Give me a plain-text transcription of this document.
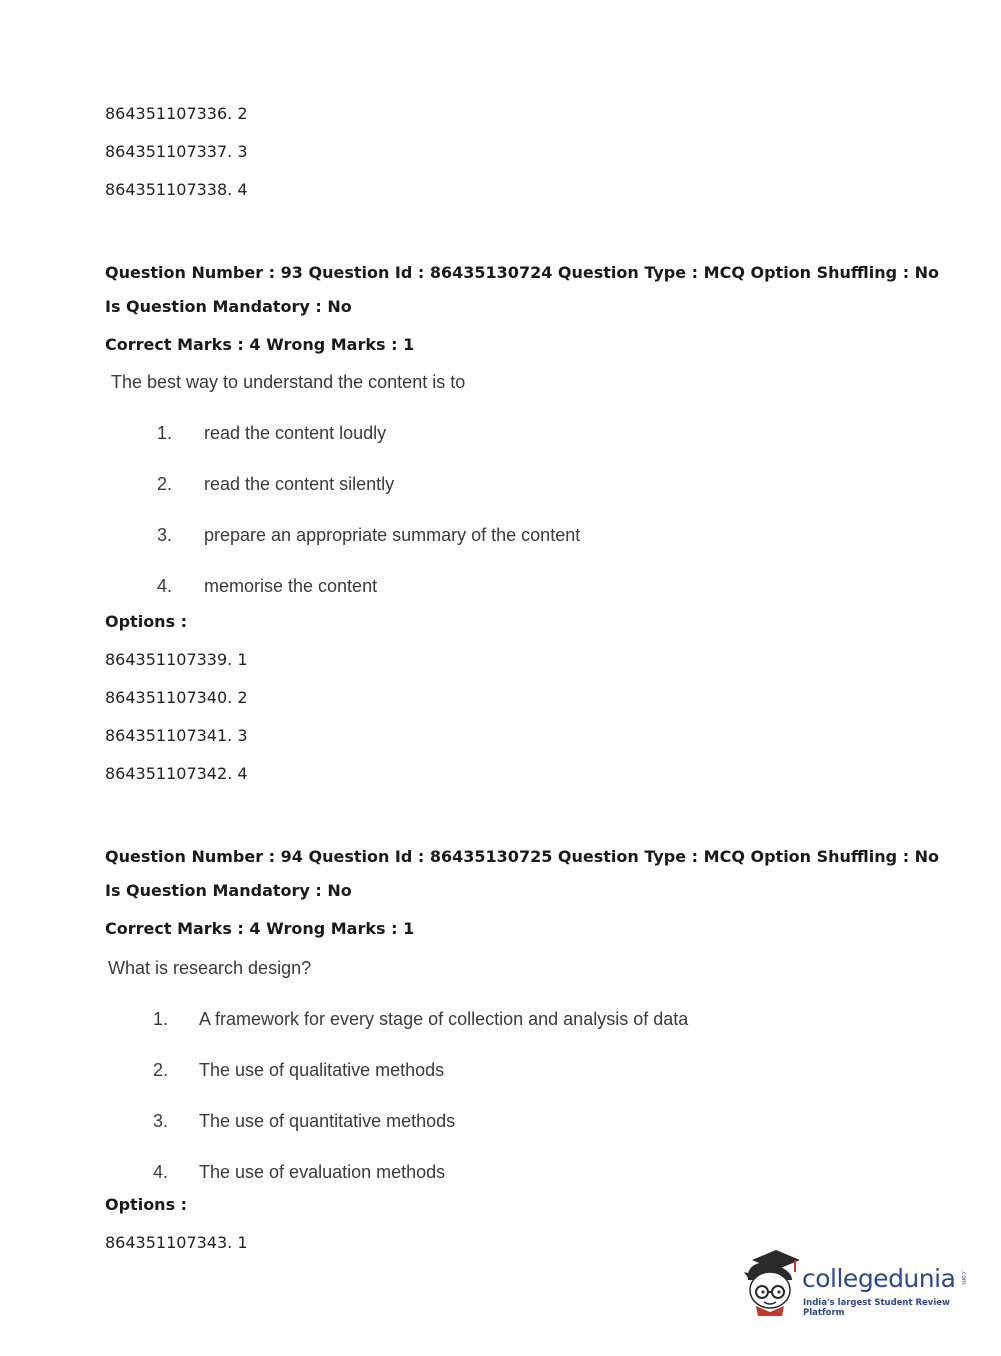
864351107336. 2
864351107337. 3
864351107338. 4
Question Number : 93 Question Id : 86435130724 Question Type : MCQ Option Shuffling : No
Is Question Mandatory : No
Correct Marks : 4 Wrong Marks : 1
The best way to understand the content is to
1. read the content loudly
2. read the content silently
3. prepare an appropriate summary of the content
4. memorise the content
Options :
864351107339. 1
864351107340. 2
864351107341. 3
864351107342. 4
Question Number : 94 Question Id : 86435130725 Question Type : MCQ Option Shuffling : No
Is Question Mandatory : No
Correct Marks : 4 Wrong Marks : 1
What is research design?
1. A framework for every stage of collection and analysis of data
2. The use of qualitative methods
3. The use of quantitative methods
4. The use of evaluation methods
Options :
864351107343. 1
collegedunia .com
India's largest Student Review Platform
